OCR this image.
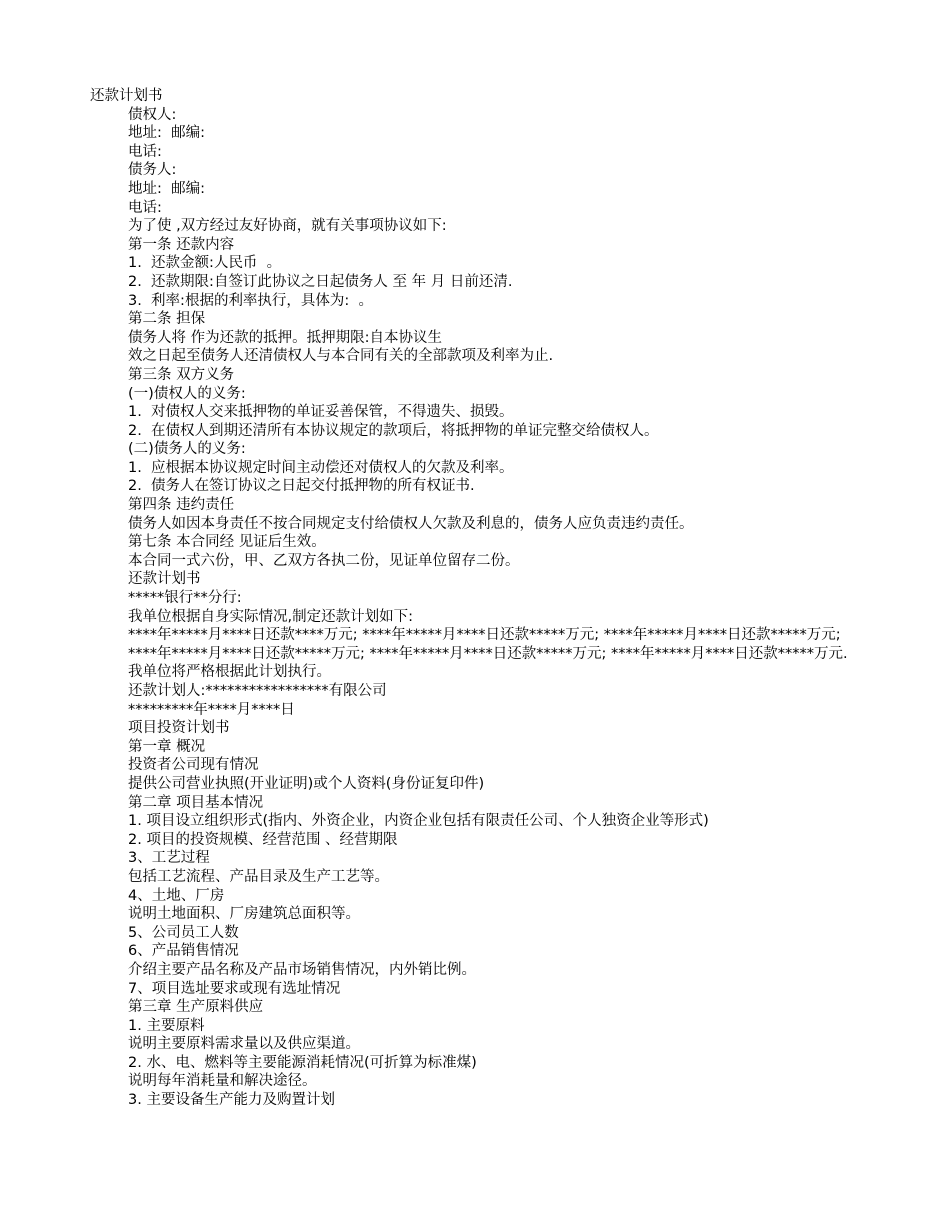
还款计划书
债权人:
地址:  邮编:
电话:
债务人:
地址:  邮编:
电话:
为了使 ,双方经过友好协商，就有关事项协议如下:
第一条 还款内容
1.  还款金额:人民币  。
2.  还款期限:自签订此协议之日起债务人 至 年 月 日前还清.
3.  利率:根据的利率执行，具体为:  。
第二条 担保
债务人将 作为还款的抵押。抵押期限:自本协议生
效之日起至债务人还清债权人与本合同有关的全部款项及利率为止.
第三条 双方义务
(一)债权人的义务:
1.  对债权人交来抵押物的单证妥善保管，不得遗失、损毁。
2.  在债权人到期还清所有本协议规定的款项后，将抵押物的单证完整交给债权人。
(二)债务人的义务:
1.  应根据本协议规定时间主动偿还对债权人的欠款及利率。
2.  债务人在签订协议之日起交付抵押物的所有权证书.
第四条 违约责任
债务人如因本身责任不按合同规定支付给债权人欠款及利息的，债务人应负责违约责任。
第七条 本合同经 见证后生效。
本合同一式六份，甲、乙双方各执二份，见证单位留存二份。
还款计划书
*****银行**分行:
我单位根据自身实际情况,制定还款计划如下:
****年*****月****日还款****万元; ****年*****月****日还款*****万元; ****年*****月****日还款*****万元;
****年*****月****日还款*****万元; ****年*****月****日还款*****万元; ****年*****月****日还款*****万元.
我单位将严格根据此计划执行。
还款计划人:*****************有限公司
*********年****月****日
项目投资计划书
第一章 概况
投资者公司现有情况
提供公司营业执照(开业证明)或个人资料(身份证复印件)
第二章 项目基本情况
1. 项目设立组织形式(指内、外资企业，内资企业包括有限责任公司、个人独资企业等形式)
2. 项目的投资规模、经营范围 、经营期限
3、工艺过程
包括工艺流程、产品目录及生产工艺等。
4、土地、厂房
说明土地面积、厂房建筑总面积等。
5、公司员工人数
6、产品销售情况
介绍主要产品名称及产品市场销售情况，内外销比例。
7、项目选址要求或现有选址情况
第三章 生产原料供应
1. 主要原料
说明主要原料需求量以及供应渠道。
2. 水、电、燃料等主要能源消耗情况(可折算为标准煤)
说明每年消耗量和解决途径。
3. 主要设备生产能力及购置计划
